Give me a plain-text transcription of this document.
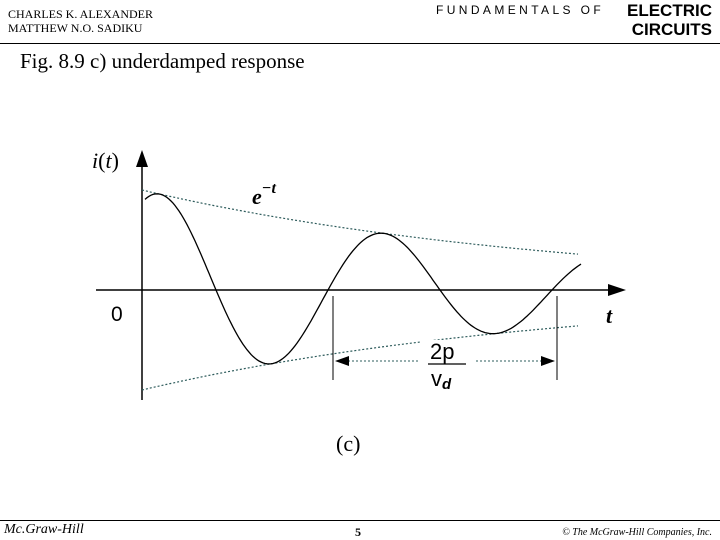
CHARLES K. ALEXANDER
MATTHEW N.O. SADIKU
FUNDAMENTALS OF ELECTRIC
CIRCUITS
Fig. 8.9 c) underdamped response
i(t)
$e^{-t}$
0	t
2p
vd
(c)
Mc.Graw-Hill	5	© The McGraw-Hill Companies, Inc.
